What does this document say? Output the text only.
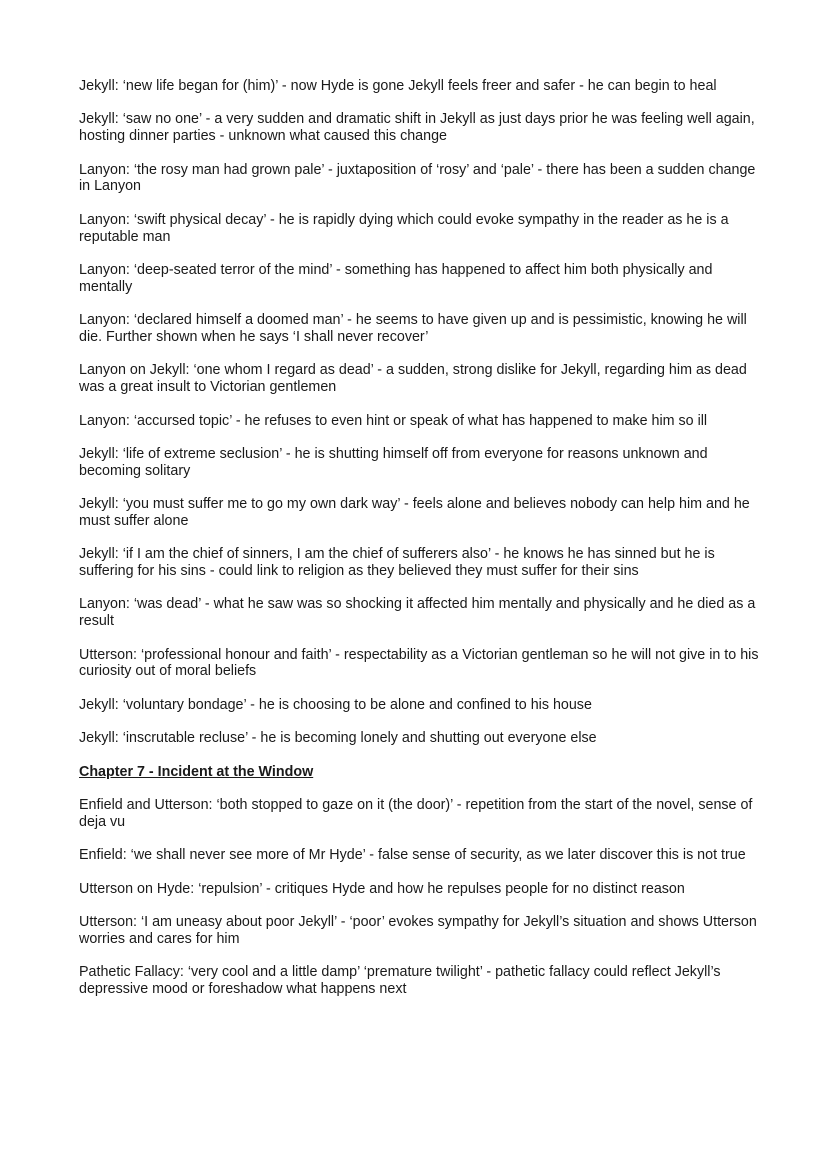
Jekyll: ‘new life began for (him)’ - now Hyde is gone Jekyll feels freer and safer - he can begin to heal

Jekyll: ‘saw no one’ - a very sudden and dramatic shift in Jekyll as just days prior he was feeling well again, hosting dinner parties - unknown what caused this change

Lanyon: ‘the rosy man had grown pale’ - juxtaposition of ‘rosy’ and ‘pale’ - there has been a sudden change in Lanyon

Lanyon: ‘swift physical decay’ - he is rapidly dying which could evoke sympathy in the reader as he is a reputable man

Lanyon: ‘deep-seated terror of the mind’ - something has happened to affect him both physically and mentally

Lanyon: ‘declared himself a doomed man’ - he seems to have given up and is pessimistic, knowing he will die. Further shown when he says ‘I shall never recover’

Lanyon on Jekyll: ‘one whom I regard as dead’ - a sudden, strong dislike for Jekyll, regarding him as dead was a great insult to Victorian gentlemen

Lanyon: ‘accursed topic’ - he refuses to even hint or speak of what has happened to make him so ill

Jekyll: ‘life of extreme seclusion’ - he is shutting himself off from everyone for reasons unknown and becoming solitary

Jekyll: ‘you must suffer me to go my own dark way’ - feels alone and believes nobody can help him and he must suffer alone

Jekyll: ‘if I am the chief of sinners, I am the chief of sufferers also’ - he knows he has sinned but he is suffering for his sins - could link to religion as they believed they must suffer for their sins

Lanyon: ‘was dead’ - what he saw was so shocking it affected him mentally and physically and he died as a result

Utterson: ‘professional honour and faith’ - respectability as a Victorian gentleman so he will not give in to his curiosity out of moral beliefs

Jekyll: ‘voluntary bondage’ - he is choosing to be alone and confined to his house

Jekyll: ‘inscrutable recluse’ - he is becoming lonely and shutting out everyone else

Chapter 7 - Incident at the Window

Enfield and Utterson: ‘both stopped to gaze on it (the door)’ - repetition from the start of the novel, sense of deja vu

Enfield: ‘we shall never see more of Mr Hyde’ - false sense of security, as we later discover this is not true

Utterson on Hyde: ‘repulsion’ - critiques Hyde and how he repulses people for no distinct reason

Utterson: ‘I am uneasy about poor Jekyll’ - ‘poor’ evokes sympathy for Jekyll’s situation and shows Utterson worries and cares for him

Pathetic Fallacy: ‘very cool and a little damp’ ‘premature twilight’ - pathetic fallacy could reflect Jekyll’s depressive mood or foreshadow what happens next
